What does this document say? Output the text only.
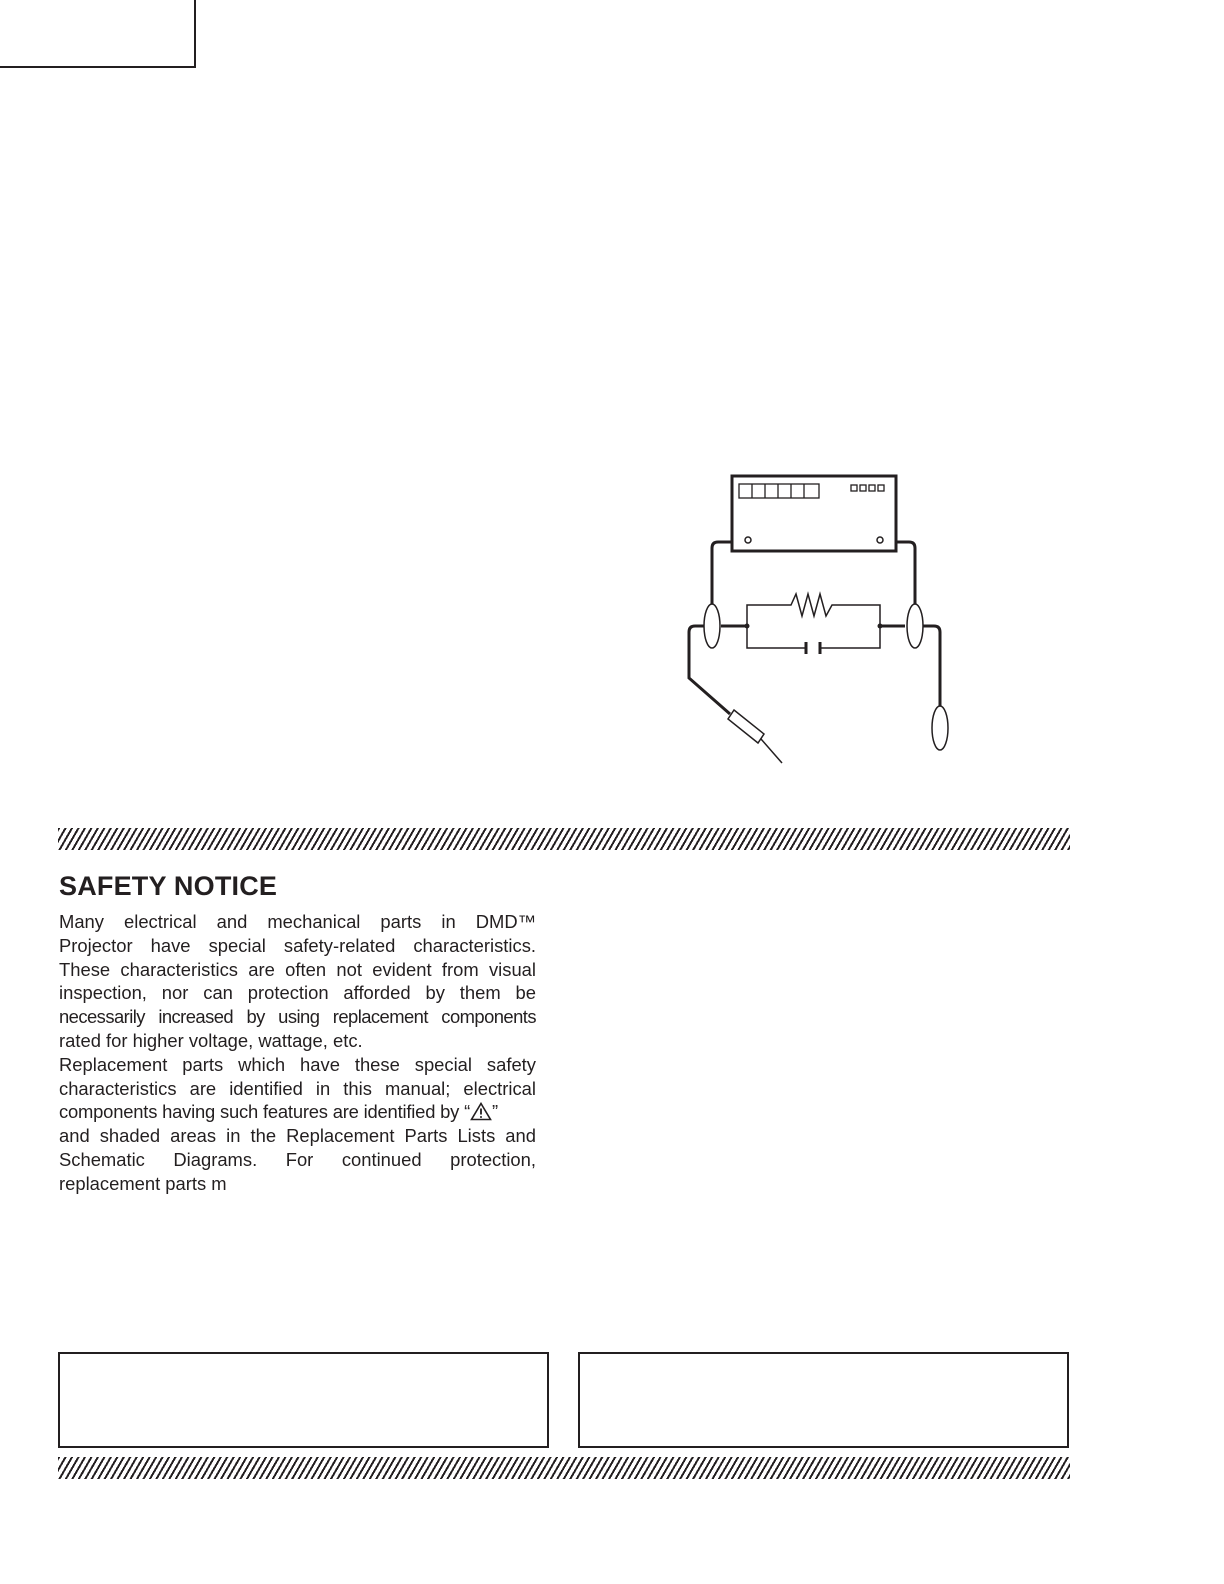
SAFETY NOTICE
Many electrical and mechanical parts in DMD™
Projector have special safety-related characteristics.
These characteristics are often not evident from visual
inspection, nor can protection afforded by them be
necessarily increased by using replacement components
rated for higher voltage, wattage, etc.
Replacement parts which have these special safety
characteristics are identified in this manual; electrical
components having such features are identified by “ ”
and shaded areas in the Replacement Parts Lists and
Schematic Diagrams. For continued protection,
replacement parts m
